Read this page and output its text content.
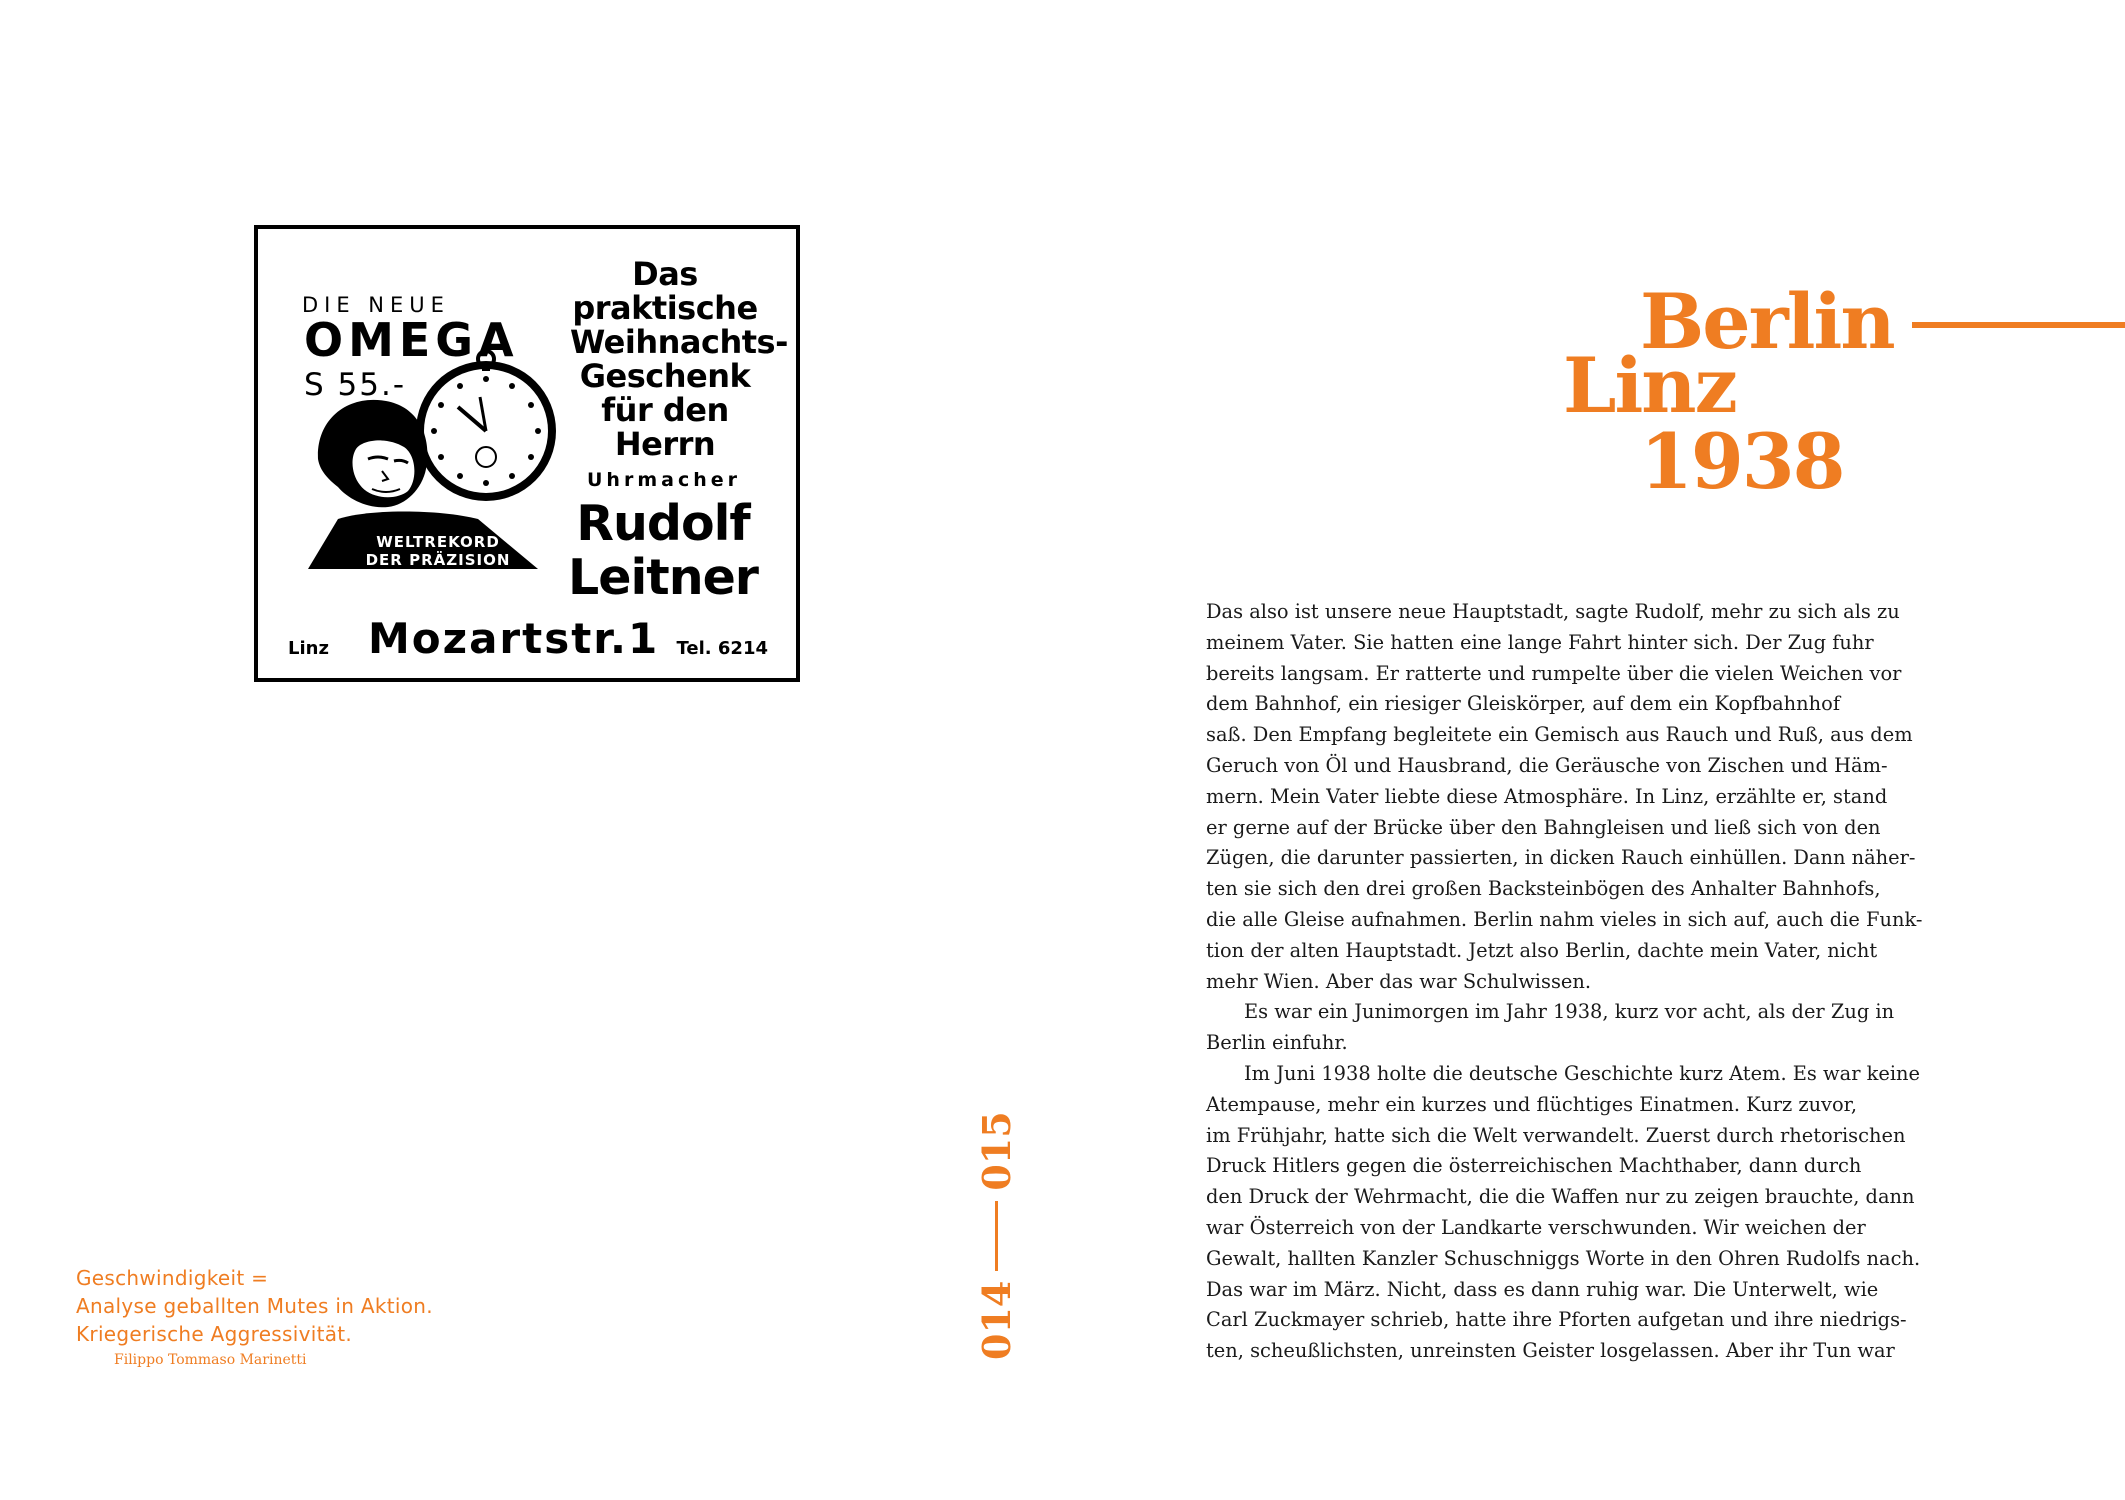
DIE NEUE
OMEGA
S 55.-
Das
praktische
Weihnachts-
Geschenk
für den
Herrn
Uhrmacher
Rudolf
Leitner
WELTREKORD
DER PRÄZISION
Linz Mozartstr.1 Tel. 6214
Berlin
Linz
1938
014
015
Geschwindigkeit =
Analyse geballten Mutes in Aktion.
Kriegerische Aggressivität.
Filippo Tommaso Marinetti
Das also ist unsere neue Hauptstadt, sagte Rudolf, mehr zu sich als zu
meinem Vater. Sie hatten eine lange Fahrt hinter sich. Der Zug fuhr
bereits langsam. Er ratterte und rumpelte über die vielen Weichen vor
dem Bahnhof, ein riesiger Gleiskörper, auf dem ein Kopfbahnhof
saß. Den Empfang begleitete ein Gemisch aus Rauch und Ruß, aus dem
Geruch von Öl und Hausbrand, die Geräusche von Zischen und Häm-
mern. Mein Vater liebte diese Atmosphäre. In Linz, erzählte er, stand
er gerne auf der Brücke über den Bahngleisen und ließ sich von den
Zügen, die darunter passierten, in dicken Rauch einhüllen. Dann näher-
ten sie sich den drei großen Backsteinbögen des Anhalter Bahnhofs,
die alle Gleise aufnahmen. Berlin nahm vieles in sich auf, auch die Funk-
tion der alten Hauptstadt. Jetzt also Berlin, dachte mein Vater, nicht
mehr Wien. Aber das war Schulwissen.
Es war ein Junimorgen im Jahr 1938, kurz vor acht, als der Zug in
Berlin einfuhr.
Im Juni 1938 holte die deutsche Geschichte kurz Atem. Es war keine
Atempause, mehr ein kurzes und flüchtiges Einatmen. Kurz zuvor,
im Frühjahr, hatte sich die Welt verwandelt. Zuerst durch rhetorischen
Druck Hitlers gegen die österreichischen Machthaber, dann durch
den Druck der Wehrmacht, die die Waffen nur zu zeigen brauchte, dann
war Österreich von der Landkarte verschwunden. Wir weichen der
Gewalt, hallten Kanzler Schuschniggs Worte in den Ohren Rudolfs nach.
Das war im März. Nicht, dass es dann ruhig war. Die Unterwelt, wie
Carl Zuckmayer schrieb, hatte ihre Pforten aufgetan und ihre niedrigs-
ten, scheußlichsten, unreinsten Geister losgelassen. Aber ihr Tun war
